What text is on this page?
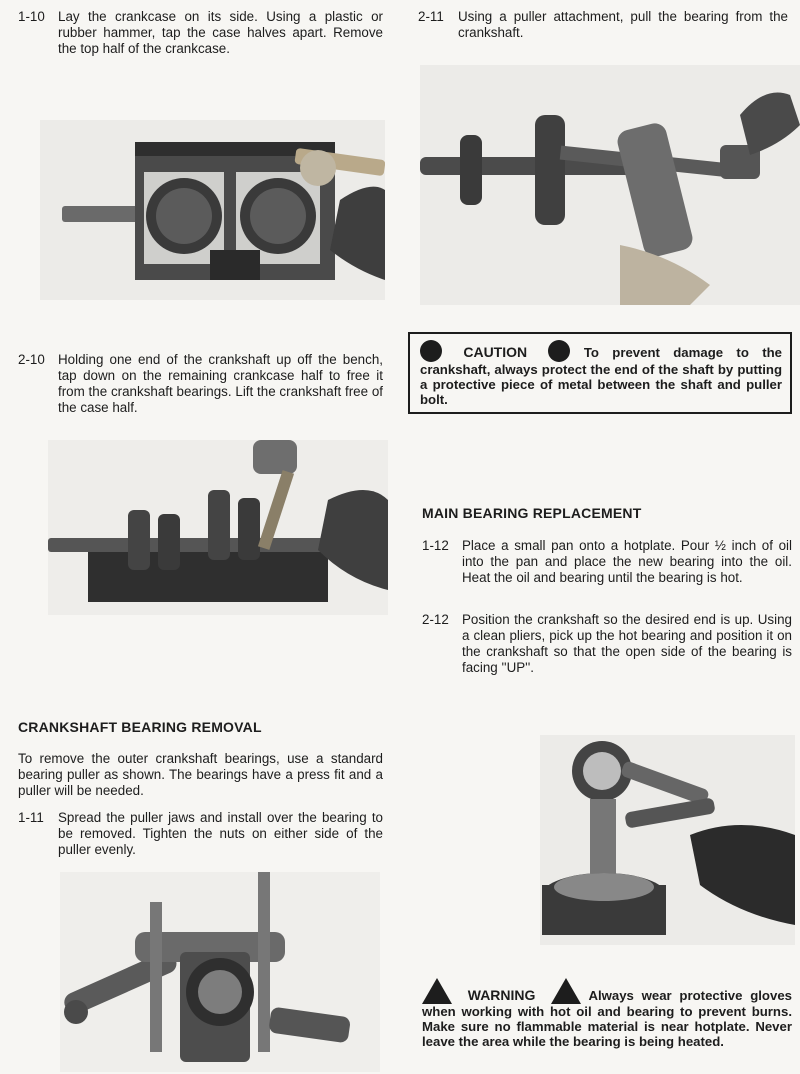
1-10 Lay the crankcase on its side. Using a plastic or rubber hammer, tap the case halves apart. Remove the top half of the crankcase.
2-10 Holding one end of the crankshaft up off the bench, tap down on the remaining crankcase half to free it from the crankshaft bearings. Lift the crankshaft free of the case half.
CRANKSHAFT BEARING REMOVAL
To remove the outer crankshaft bearings, use a standard bearing puller as shown. The bearings have a press fit and a puller will be needed.
1-11 Spread the puller jaws and install over the bearing to be removed. Tighten the nuts on either side of the puller evenly.
2-11 Using a puller attachment, pull the bearing from the crankshaft.
CAUTION	To prevent damage to the crankshaft, always protect the end of the shaft by putting a protective piece of metal between the shaft and puller bolt.
MAIN BEARING REPLACEMENT
1-12 Place a small pan onto a hotplate. Pour ½ inch of oil into the pan and place the new bearing into the oil. Heat the oil and bearing until the bearing is hot.
2-12 Position the crankshaft so the desired end is up. Using a clean pliers, pick up the hot bearing and position it on the crankshaft so that the open side of the bearing is facing ''UP''.
WARNING	Always wear protective gloves when working with hot oil and bearing to prevent burns. Make sure no flammable material is near hotplate. Never leave the area while the bearing is being heated.
